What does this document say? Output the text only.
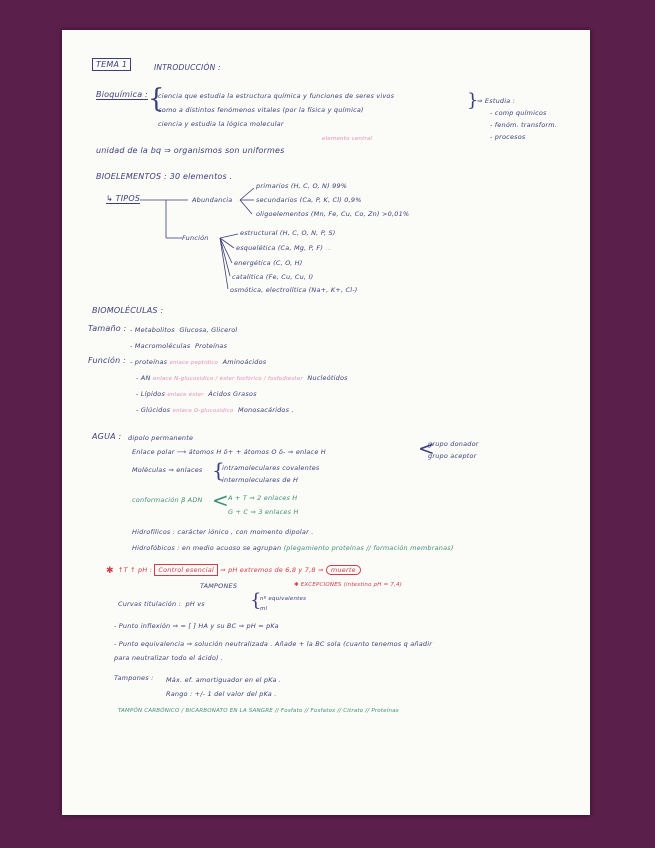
TEMA 1	INTRODUCCIÓN :
Bioquímica : {
ciencia que estudia la estructura química y funciones de seres vivos
como a distintos fenómenos vitales (por la física y química)
ciencia y estudia la lógica molecular
}
⇒ Estudia :
- comp químicos
- fenóm. transform.
- procesos
unidad de la bq ⇒ organismos son uniformes
elemento central
BIOELEMENTOS : 30 elementos .
↳ TIPOS	Abundancia
primarios (H, C, O, N) 99%
secundarios (Ca, P, K, Cl) 0,9%
oligoelementos (Mn, Fe, Cu, Co, Zn) >0,01%
Función
estructural (H, C, O, N, P, S)
esquelética (Ca, Mg, P, F) ...
energética (C, O, H)
catalítica (Fe, Cu, Cu, I)
osmótica, electrolítica (Na+, K+, Cl-)
BIOMOLÉCULAS :
Tamaño : - Metabolitos Glucosa, Glicerol
- Macromoléculas Proteínas
Función : - proteínas enlace peptídico Aminoácidos
- AN enlace N-glucosídico / éster fosfórico / fosfodiéster Nucleótidos
- Lípidos enlace éster Ácidos Grasos
- Glúcidos enlace O-glucosídico Monosacáridos .
AGUA : dipolo permanente
Enlace polar ⟶ átomos H δ+ + átomos O δ- ⇒ enlace H	<
grupo donador
grupo aceptor
Moléculas ⇒ enlaces {
intramoleculares covalentes
intermoleculares de H
conformación β ADN < A + T ⇒ 2 enlaces H
G + C ⇒ 3 enlaces H
Hidrofílicos : carácter iónico , con momento dipolar .
Hidrofóbicos : en medio acuoso se agrupan (plegamiento proteínas // formación membranas)
✱ ↑T ↑ pH : Control esencial ⇒ pH extremos de 6,8 y 7,8 ⇒ muerte
TAMPONES	✱ EXCEPCIONES (intestino pH = 7,4)
Curvas titulación : pH vs	{
nº equivalentes
ml
- Punto inflexión ⇒ = [ ] HA y su BC ⇒ pH = pKa
- Punto equivalencia ⇒ solución neutralizada . Añade + la BC sola (cuanto tenemos q añadir
para neutralizar todo el ácido) .
Tampones : Máx. ef. amortiguador en el pKa .
Rango : +/- 1 del valor del pKa .
TAMPÓN CARBÓNICO / BICARBONATO EN LA SANGRE // Fosfato // Fosfatos // Citrato // Proteínas
